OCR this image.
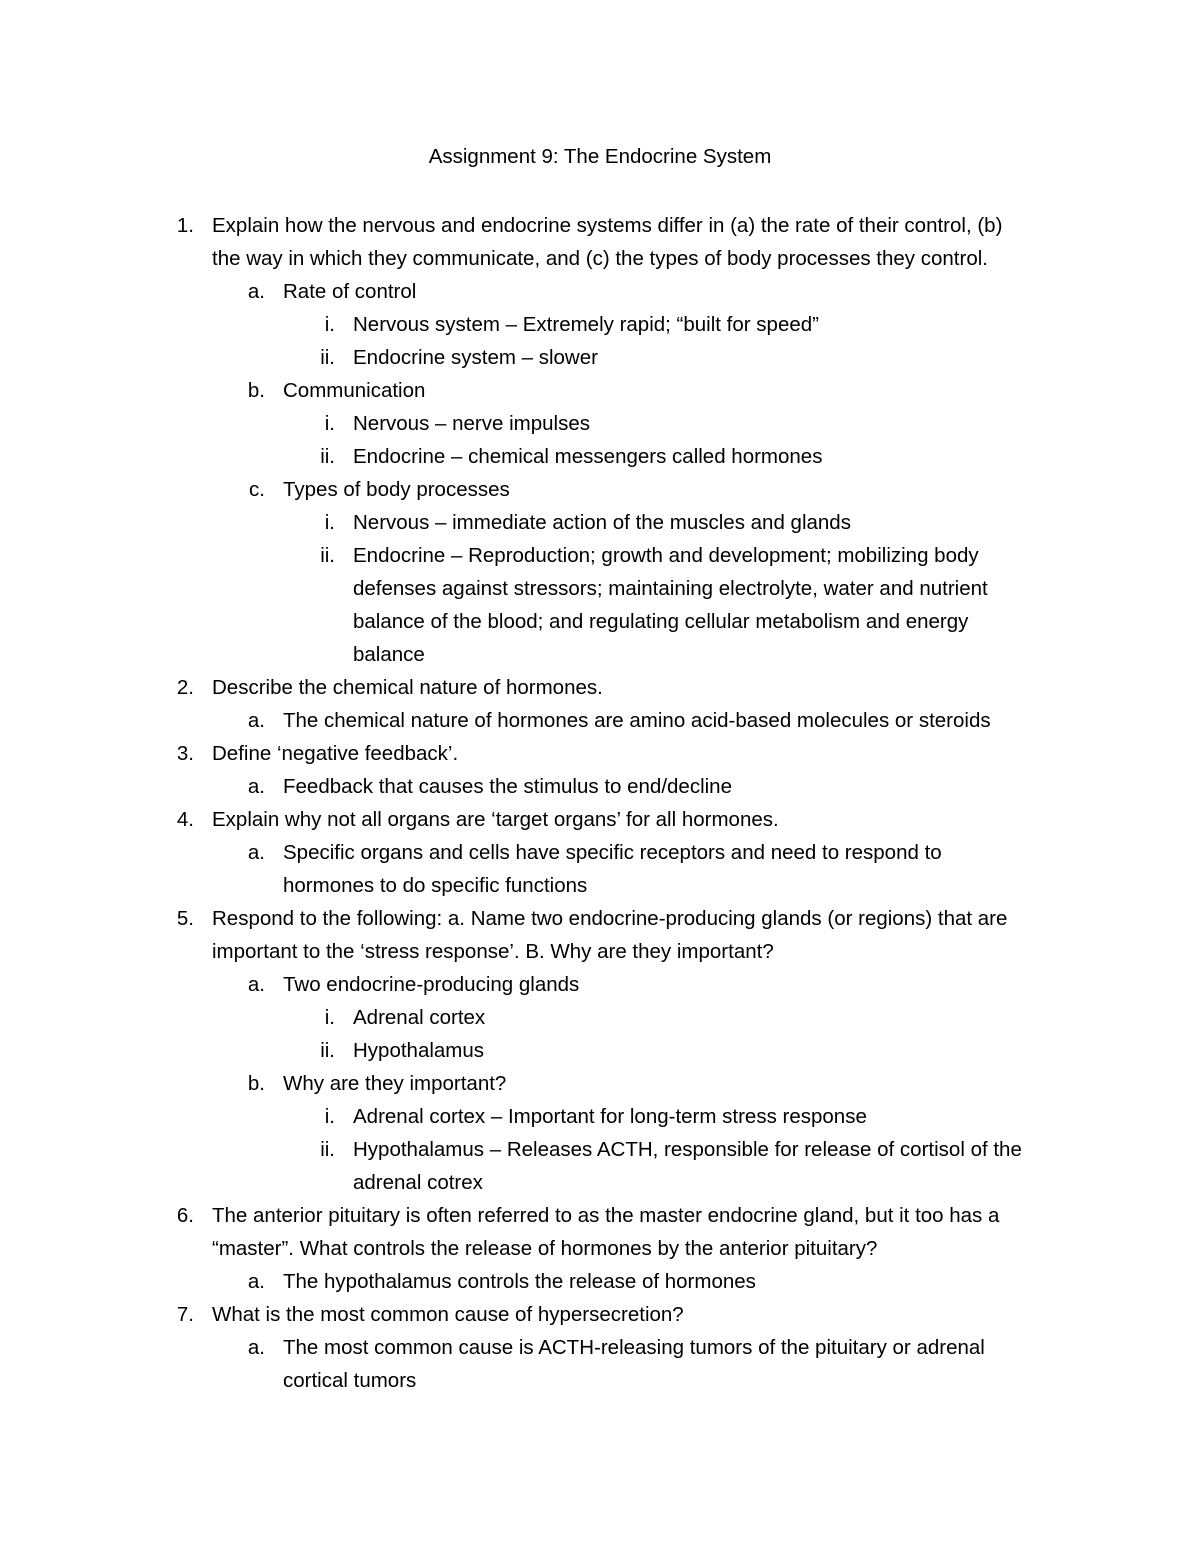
Assignment 9: The Endocrine System
1. Explain how the nervous and endocrine systems differ in (a) the rate of their control, (b)
the way in which they communicate, and (c) the types of body processes they control.
a. Rate of control
i. Nervous system – Extremely rapid; “built for speed”
ii. Endocrine system – slower
b. Communication
i. Nervous – nerve impulses
ii. Endocrine – chemical messengers called hormones
c. Types of body processes
i. Nervous – immediate action of the muscles and glands
ii. Endocrine – Reproduction; growth and development; mobilizing body
defenses against stressors; maintaining electrolyte, water and nutrient
balance of the blood; and regulating cellular metabolism and energy
balance
2. Describe the chemical nature of hormones.
a. The chemical nature of hormones are amino acid-based molecules or steroids
3. Define ‘negative feedback’.
a. Feedback that causes the stimulus to end/decline
4. Explain why not all organs are ‘target organs’ for all hormones.
a. Specific organs and cells have specific receptors and need to respond to
hormones to do specific functions
5. Respond to the following: a. Name two endocrine-producing glands (or regions) that are
important to the ‘stress response’. B. Why are they important?
a. Two endocrine-producing glands
i. Adrenal cortex
ii. Hypothalamus
b. Why are they important?
i. Adrenal cortex – Important for long-term stress response
ii. Hypothalamus – Releases ACTH, responsible for release of cortisol of the
adrenal cotrex
6. The anterior pituitary is often referred to as the master endocrine gland, but it too has a
“master”. What controls the release of hormones by the anterior pituitary?
a. The hypothalamus controls the release of hormones
7. What is the most common cause of hypersecretion?
a. The most common cause is ACTH-releasing tumors of the pituitary or adrenal
cortical tumors
